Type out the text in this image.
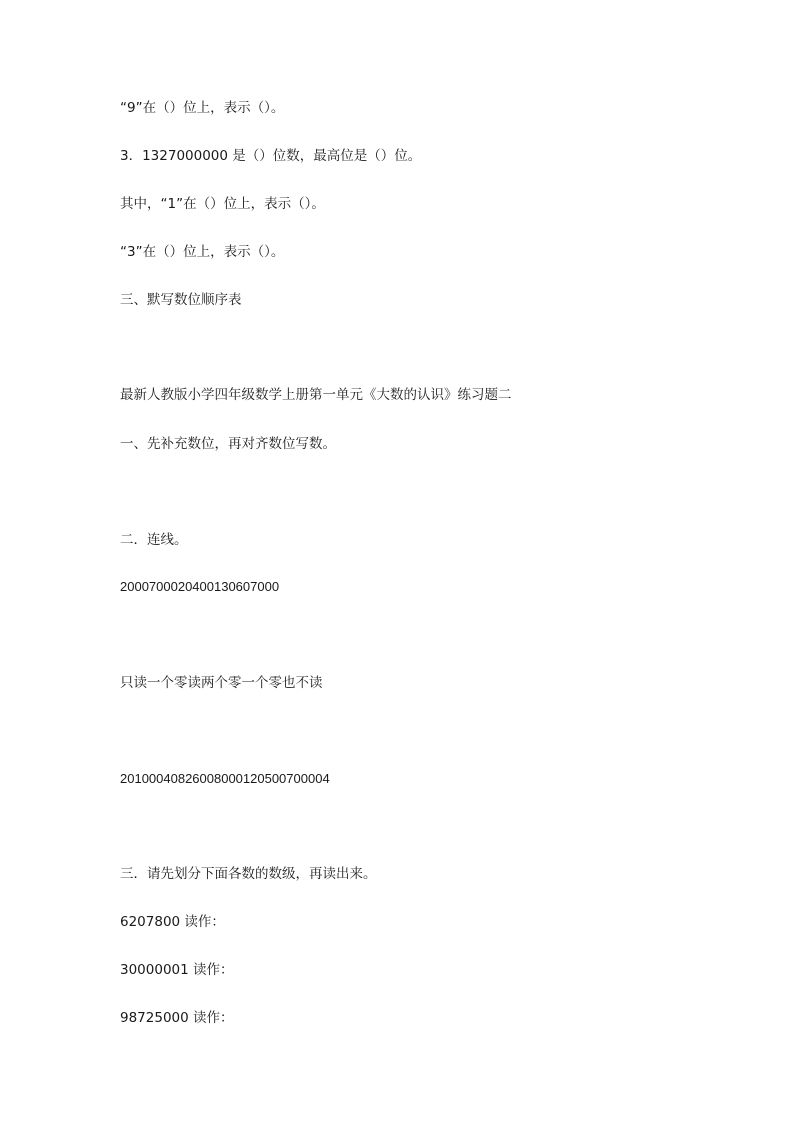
“9”在（）位上，表示（）。
3．1327000000 是（）位数，最高位是（）位。
其中，“1”在（）位上，表示（）。
“3”在（）位上，表示（）。
三、默写数位顺序表
最新人教版小学四年级数学上册第一单元《大数的认识》练习题二
一、先补充数位，再对齐数位写数。
二．连线。
2000700020400130607000
只读一个零读两个零一个零也不读
20100040826008000120500700004
三．请先划分下面各数的数级，再读出来。
6207800 读作：
30000001 读作：
98725000 读作：
